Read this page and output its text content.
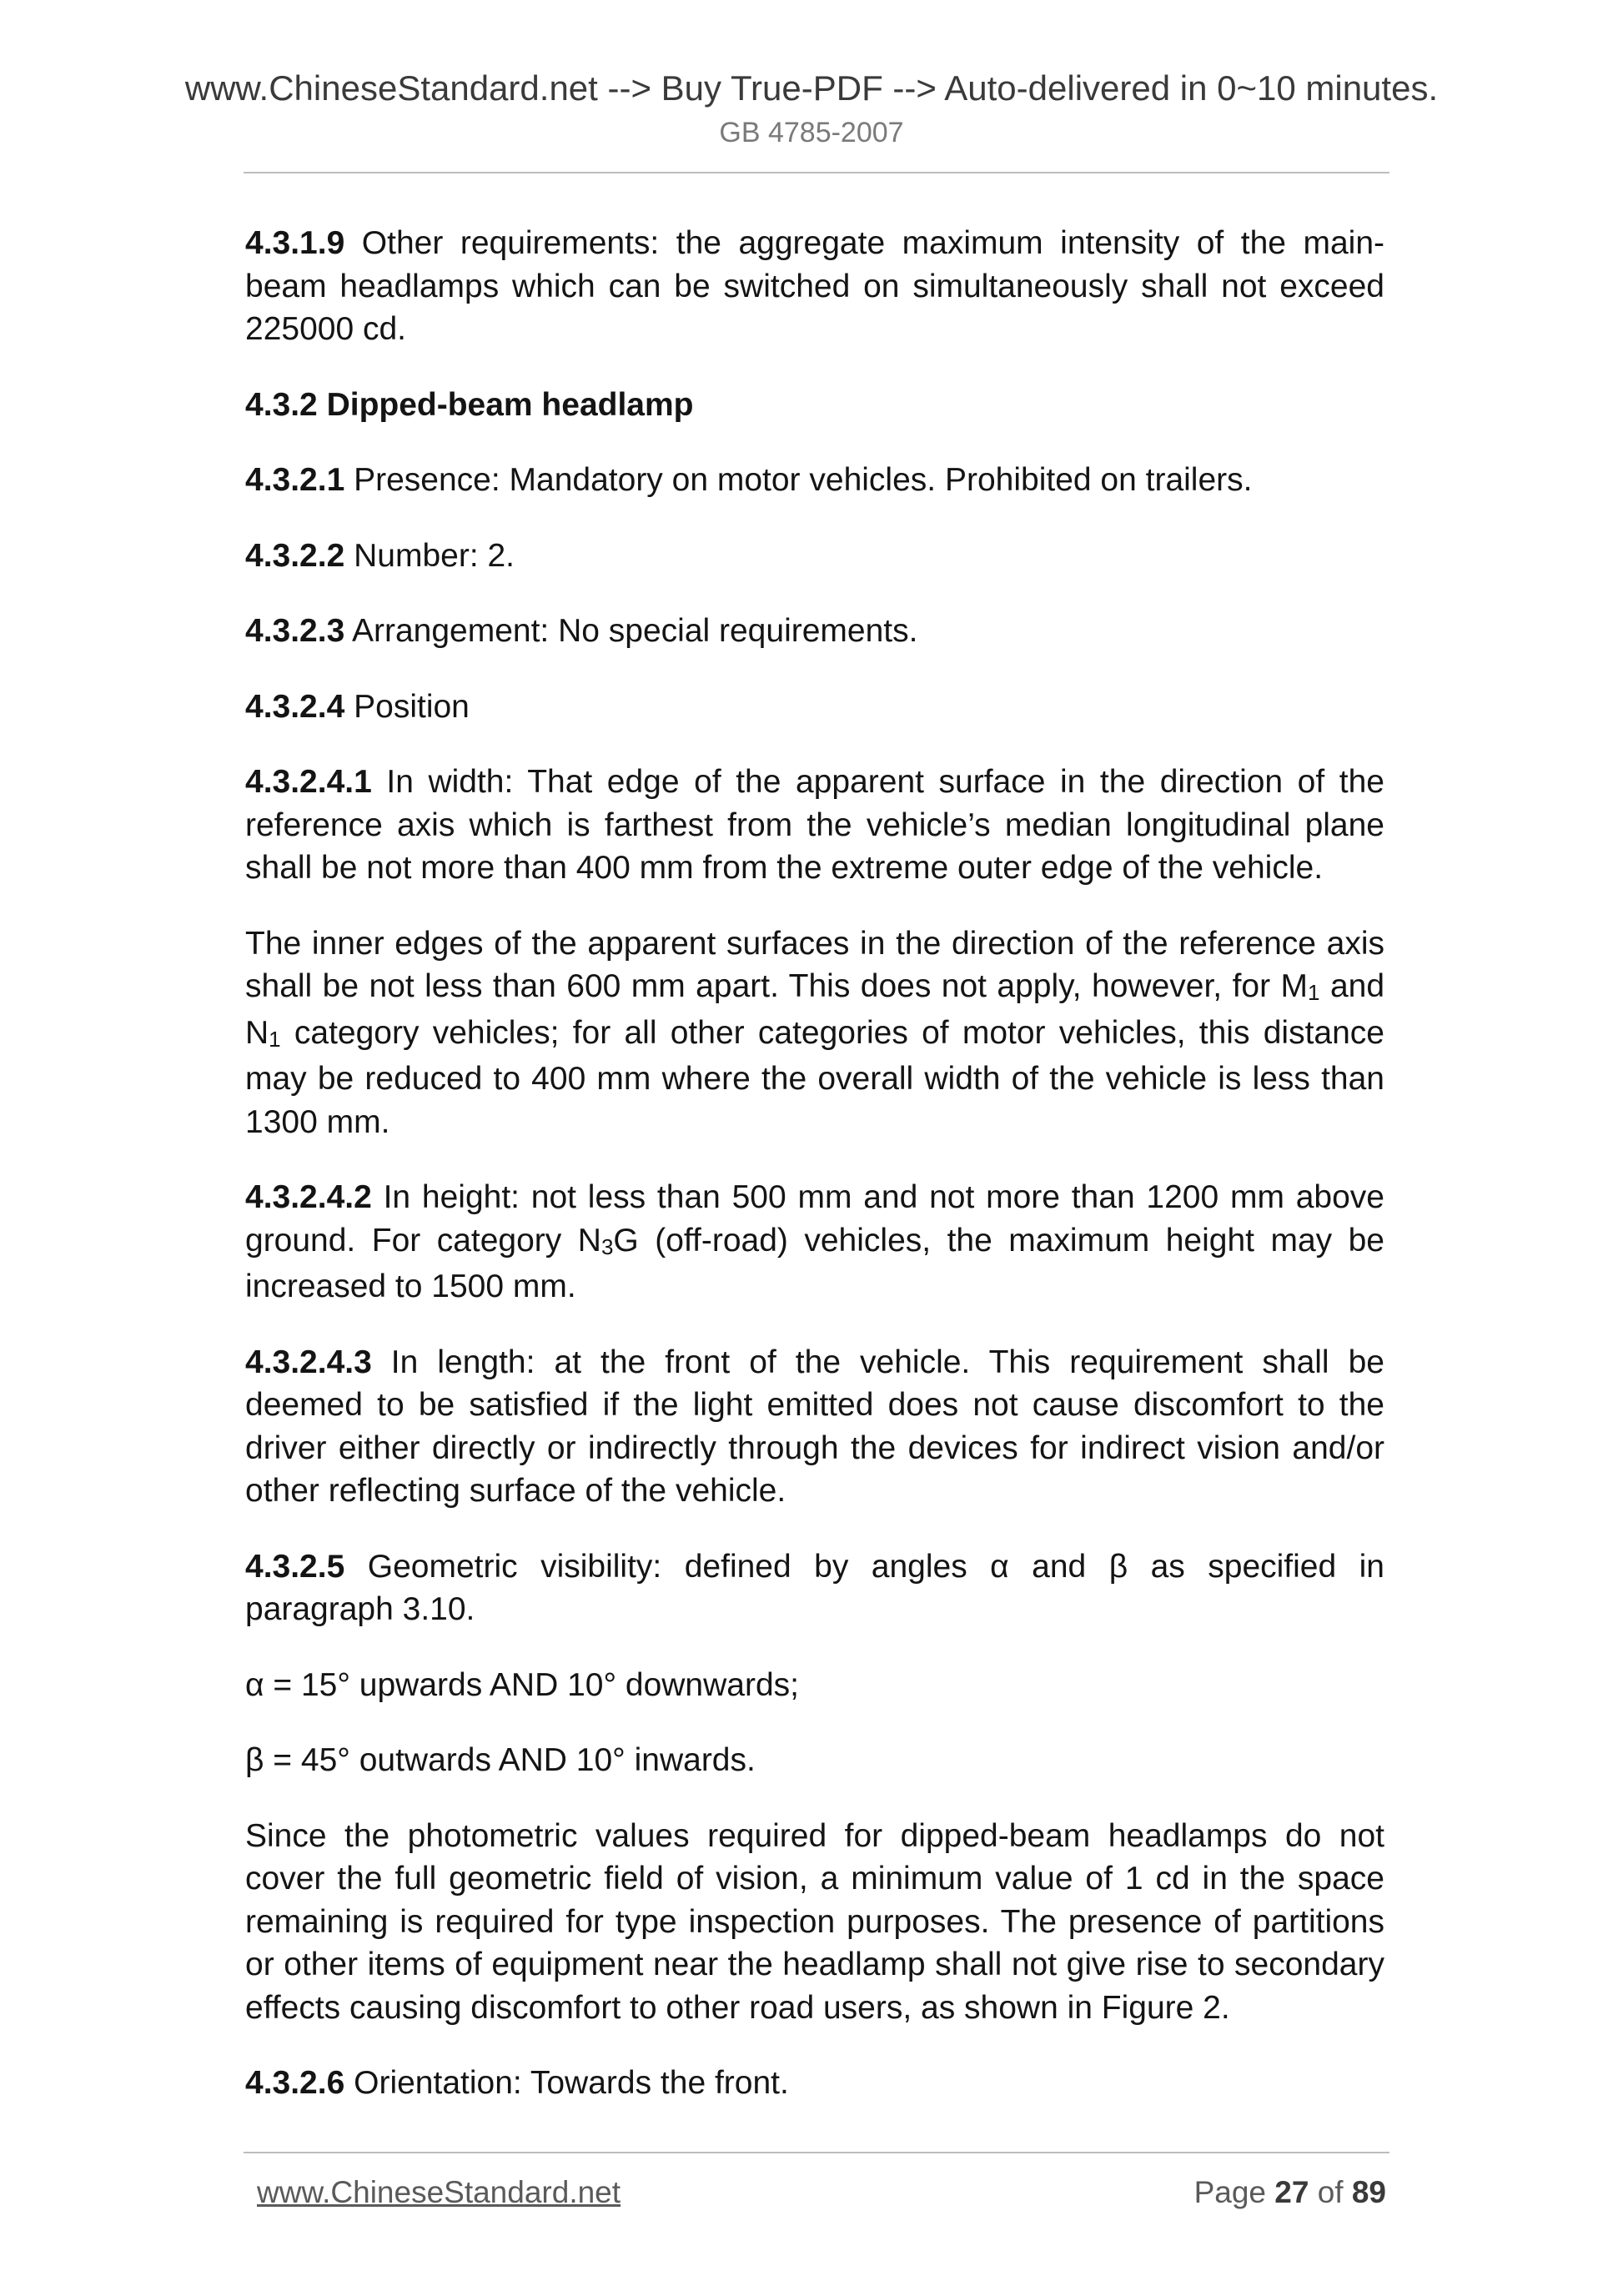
www.ChineseStandard.net --> Buy True-PDF --> Auto-delivered in 0~10 minutes.
GB 4785-2007

4.3.1.9 Other requirements: the aggregate maximum intensity of the main-beam headlamps which can be switched on simultaneously shall not exceed 225000 cd.

4.3.2 Dipped-beam headlamp

4.3.2.1 Presence: Mandatory on motor vehicles. Prohibited on trailers.

4.3.2.2 Number: 2.

4.3.2.3 Arrangement: No special requirements.

4.3.2.4 Position

4.3.2.4.1 In width: That edge of the apparent surface in the direction of the reference axis which is farthest from the vehicle’s median longitudinal plane shall be not more than 400 mm from the extreme outer edge of the vehicle.

The inner edges of the apparent surfaces in the direction of the reference axis shall be not less than 600 mm apart. This does not apply, however, for $M_1$ and $N_1$ category vehicles; for all other categories of motor vehicles, this distance may be reduced to 400 mm where the overall width of the vehicle is less than 1300 mm.

4.3.2.4.2 In height: not less than 500 mm and not more than 1200 mm above ground. For category $N_3G$ (off-road) vehicles, the maximum height may be increased to 1500 mm.

4.3.2.4.3 In length: at the front of the vehicle. This requirement shall be deemed to be satisfied if the light emitted does not cause discomfort to the driver either directly or indirectly through the devices for indirect vision and/or other reflecting surface of the vehicle.

4.3.2.5 Geometric visibility: defined by angles α and β as specified in paragraph 3.10.

α = 15° upwards AND 10° downwards;

β = 45° outwards AND 10° inwards.

Since the photometric values required for dipped-beam headlamps do not cover the full geometric field of vision, a minimum value of 1 cd in the space remaining is required for type inspection purposes. The presence of partitions or other items of equipment near the headlamp shall not give rise to secondary effects causing discomfort to other road users, as shown in Figure 2.

4.3.2.6 Orientation: Towards the front.

www.ChineseStandard.net	Page 27 of 89
